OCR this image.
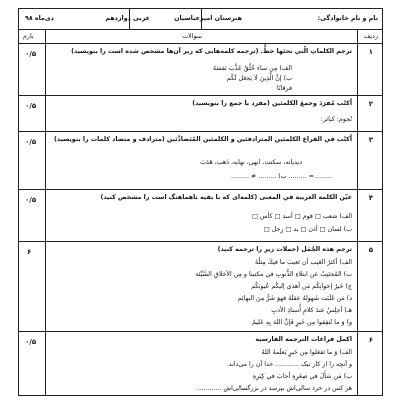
نام و نام خانوادگی:
هنرستان امیرعباسیان
عربی دوازدهم
دی‌ماه ۹۸
ردیف
سوالات
بارم
۱
ترجم الكلماتِ الّتي تحتَها خطٌّ. (ترجمه کلمه‌هایی که زیر آن‌ها مشخص شده است را بنویسید)
الف) مِن ساءَ خُلُقُ عَذَّبَ نَفسَهُ
ب) إنَّ الَّذِينَ لَا يَجعَل لَكُم
فرقانًا
۰/۵
۲
اُكتُب مُفرَدَ وجمعَ الكلمتَين (مفرد یا جمع را بنویسید)
نُجوم: كبائر:
۰/۵
۳
اُكتُب في الفراغ الكلمتَين المترادفتَين و الكلمتَين المُتَضادَّتَين (مترادف و متضاد کلمات را بنویسید)
دیدیانه، سکتت، انهی، نهایه، ذَهب، هَدَبَ
.........= ......... ب) ......... ≠ .........
۰/۵
۴
عيّن الكلمة الغريبة في المعنى (کلمه‌ای که با بقیه ناهماهنگ است را مشخص کنید)
الف) شعب □ قوم □ أسد □ كأس □
ب) لسان □ أذن □ يد □ رِجل □
۰/۵
۵
ترجم هذه الجُمَل (جملات زیر را ترجمه کنید)
الف) أكثرُ العَيب أن تَعيبَ ما فيكَ مِثلُهُ
ب) المُجتَنِبُ عن ابتلاءِ الذُّنوبِ في مكتبنا و مِن الأخلاقِ السَّيِّئة
ج) خَيرُ إخوانِكُم مَن أهدى إليكُم عُيوبَكُم
د) مَن غَلَبَت شَهوتُهُ عقلَهُ فهوَ شَرٌّ مِنَ البهائِم
هـ) أجلِسُ عندَ كلامِ أُستاذِ الأدبِ
و) وَ ما تُنفِقوا مِن خَيرٍ فَإنَّ اللهَ بِهِ عَليمٌ
۶
۶
اكمل فراغات الترجمة الفارسية
الف) وَ ما تَفعَلوا مِن خَيرٍ يَعلَمهُ اللهُ
و آنچه را از کار نیک ............ خدا آن را می‌داند.
ب) مَن سَأَلَ في صِغَرِهِ أجابَ في كِبَرِهِ
هر کس در خرد سالی‌اش بپرسد در بزرگسالی‌اش ............
۰/۵
